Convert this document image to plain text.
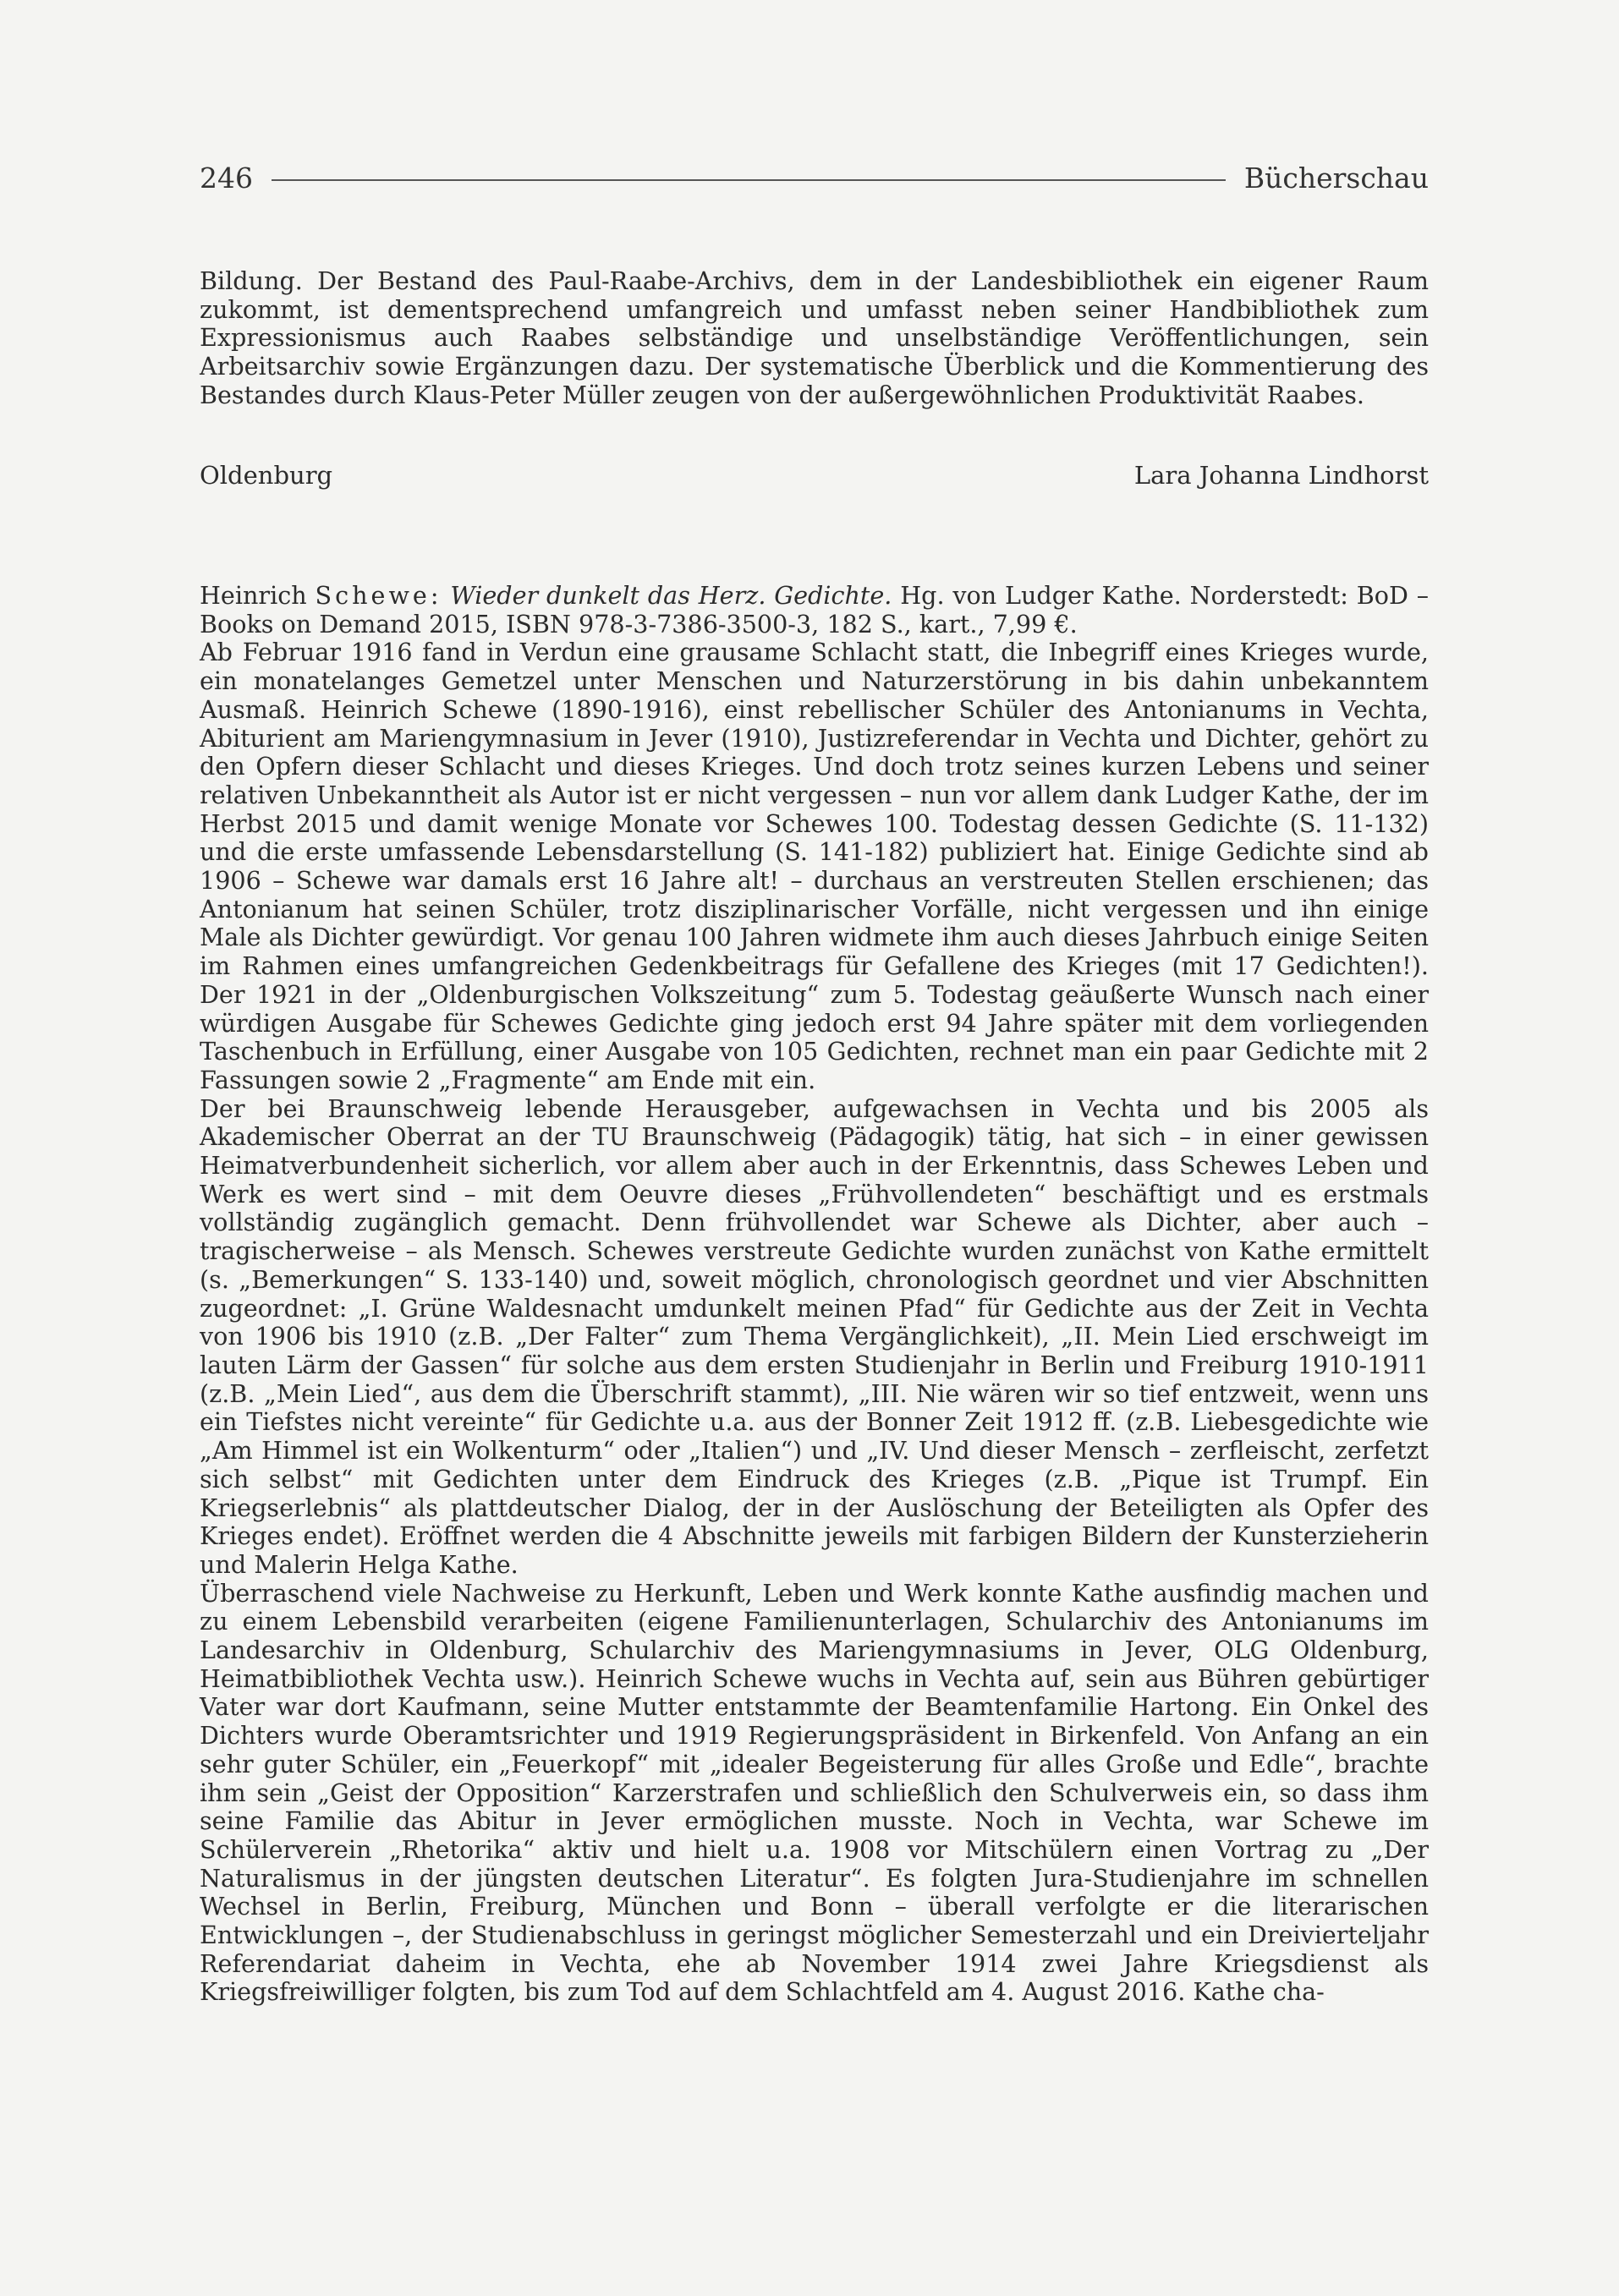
246	Bücherschau

Bildung. Der Bestand des Paul-Raabe-Archivs, dem in der Landesbibliothek ein eigener Raum zukommt, ist dementsprechend umfangreich und umfasst neben seiner Handbibliothek zum Expressionismus auch Raabes selbständige und unselbständige Veröffentlichungen, sein Arbeitsarchiv sowie Ergänzungen dazu. Der systematische Überblick und die Kommentierung des Bestandes durch Klaus-Peter Müller zeugen von der außergewöhnlichen Produktivität Raabes.

Oldenburg	Lara Johanna Lindhorst

Heinrich Schewe: Wieder dunkelt das Herz. Gedichte. Hg. von Ludger Kathe. Norderstedt: BoD – Books on Demand 2015, ISBN 978-3-7386-3500-3, 182 S., kart., 7,99 €.

Ab Februar 1916 fand in Verdun eine grausame Schlacht statt, die Inbegriff eines Krieges wurde, ein monatelanges Gemetzel unter Menschen und Naturzerstörung in bis dahin unbekanntem Ausmaß. Heinrich Schewe (1890-1916), einst rebellischer Schüler des Antonianums in Vechta, Abiturient am Mariengymnasium in Jever (1910), Justizreferendar in Vechta und Dichter, gehört zu den Opfern dieser Schlacht und dieses Krieges. Und doch trotz seines kurzen Lebens und seiner relativen Unbekanntheit als Autor ist er nicht vergessen – nun vor allem dank Ludger Kathe, der im Herbst 2015 und damit wenige Monate vor Schewes 100. Todestag dessen Gedichte (S. 11-132) und die erste umfassende Lebensdarstellung (S. 141-182) publiziert hat. Einige Gedichte sind ab 1906 – Schewe war damals erst 16 Jahre alt! – durchaus an verstreuten Stellen erschienen; das Antonianum hat seinen Schüler, trotz disziplinarischer Vorfälle, nicht vergessen und ihn einige Male als Dichter gewürdigt. Vor genau 100 Jahren widmete ihm auch dieses Jahrbuch einige Seiten im Rahmen eines umfangreichen Gedenkbeitrags für Gefallene des Krieges (mit 17 Gedichten!). Der 1921 in der „Oldenburgischen Volkszeitung“ zum 5. Todestag geäußerte Wunsch nach einer würdigen Ausgabe für Schewes Gedichte ging jedoch erst 94 Jahre später mit dem vorliegenden Taschenbuch in Erfüllung, einer Ausgabe von 105 Gedichten, rechnet man ein paar Gedichte mit 2 Fassungen sowie 2 „Fragmente“ am Ende mit ein.

Der bei Braunschweig lebende Herausgeber, aufgewachsen in Vechta und bis 2005 als Akademischer Oberrat an der TU Braunschweig (Pädagogik) tätig, hat sich – in einer gewissen Heimatverbundenheit sicherlich, vor allem aber auch in der Erkenntnis, dass Schewes Leben und Werk es wert sind – mit dem Oeuvre dieses „Frühvollendeten“ beschäftigt und es erstmals vollständig zugänglich gemacht. Denn frühvollendet war Schewe als Dichter, aber auch – tragischerweise – als Mensch. Schewes verstreute Gedichte wurden zunächst von Kathe ermittelt (s. „Bemerkungen“ S. 133-140) und, soweit möglich, chronologisch geordnet und vier Abschnitten zugeordnet: „I. Grüne Waldesnacht umdunkelt meinen Pfad“ für Gedichte aus der Zeit in Vechta von 1906 bis 1910 (z.B. „Der Falter“ zum Thema Vergänglichkeit), „II. Mein Lied erschweigt im lauten Lärm der Gassen“ für solche aus dem ersten Studienjahr in Berlin und Freiburg 1910-1911 (z.B. „Mein Lied“, aus dem die Überschrift stammt), „III. Nie wären wir so tief entzweit, wenn uns ein Tiefstes nicht vereinte“ für Gedichte u.a. aus der Bonner Zeit 1912 ff. (z.B. Liebesgedichte wie „Am Himmel ist ein Wolkenturm“ oder „Italien“) und „IV. Und dieser Mensch – zerfleischt, zerfetzt sich selbst“ mit Gedichten unter dem Eindruck des Krieges (z.B. „Pique ist Trumpf. Ein Kriegserlebnis“ als plattdeutscher Dialog, der in der Auslöschung der Beteiligten als Opfer des Krieges endet). Eröffnet werden die 4 Abschnitte jeweils mit farbigen Bildern der Kunsterzieherin und Malerin Helga Kathe.

Überraschend viele Nachweise zu Herkunft, Leben und Werk konnte Kathe ausfindig machen und zu einem Lebensbild verarbeiten (eigene Familienunterlagen, Schularchiv des Antonianums im Landesarchiv in Oldenburg, Schularchiv des Mariengymnasiums in Jever, OLG Oldenburg, Heimatbibliothek Vechta usw.). Heinrich Schewe wuchs in Vechta auf, sein aus Bühren gebürtiger Vater war dort Kaufmann, seine Mutter entstammte der Beamtenfamilie Hartong. Ein Onkel des Dichters wurde Oberamtsrichter und 1919 Regierungspräsident in Birkenfeld. Von Anfang an ein sehr guter Schüler, ein „Feuerkopf“ mit „idealer Begeisterung für alles Große und Edle“, brachte ihm sein „Geist der Opposition“ Karzerstrafen und schließlich den Schulverweis ein, so dass ihm seine Familie das Abitur in Jever ermöglichen musste. Noch in Vechta, war Schewe im Schülerverein „Rhetorika“ aktiv und hielt u.a. 1908 vor Mitschülern einen Vortrag zu „Der Naturalismus in der jüngsten deutschen Literatur“. Es folgten Jura-Studienjahre im schnellen Wechsel in Berlin, Freiburg, München und Bonn – überall verfolgte er die literarischen Entwicklungen –, der Studienabschluss in geringst möglicher Semesterzahl und ein Dreivierteljahr Referendariat daheim in Vechta, ehe ab November 1914 zwei Jahre Kriegsdienst als Kriegsfreiwilliger folgten, bis zum Tod auf dem Schlachtfeld am 4. August 2016. Kathe cha-
